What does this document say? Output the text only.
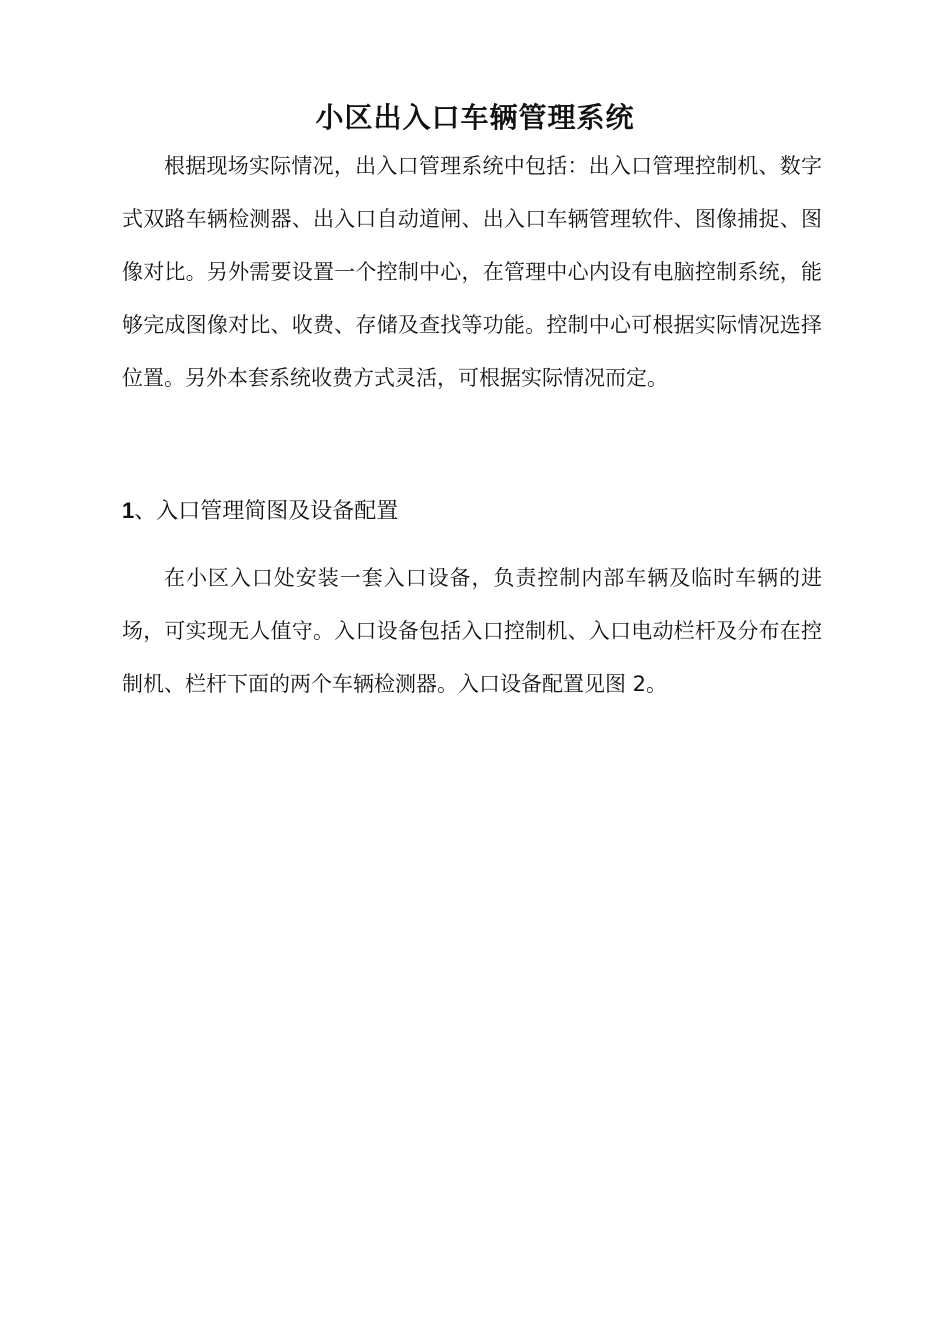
小区出入口车辆管理系统

根据现场实际情况，出入口管理系统中包括：出入口管理控制机、数字式双路车辆检测器、出入口自动道闸、出入口车辆管理软件、图像捕捉、图像对比。另外需要设置一个控制中心，在管理中心内设有电脑控制系统，能够完成图像对比、收费、存储及查找等功能。控制中心可根据实际情况选择位置。另外本套系统收费方式灵活，可根据实际情况而定。

1、入口管理简图及设备配置

在小区入口处安装一套入口设备，负责控制内部车辆及临时车辆的进场，可实现无人值守。入口设备包括入口控制机、入口电动栏杆及分布在控制机、栏杆下面的两个车辆检测器。入口设备配置见图 2。
